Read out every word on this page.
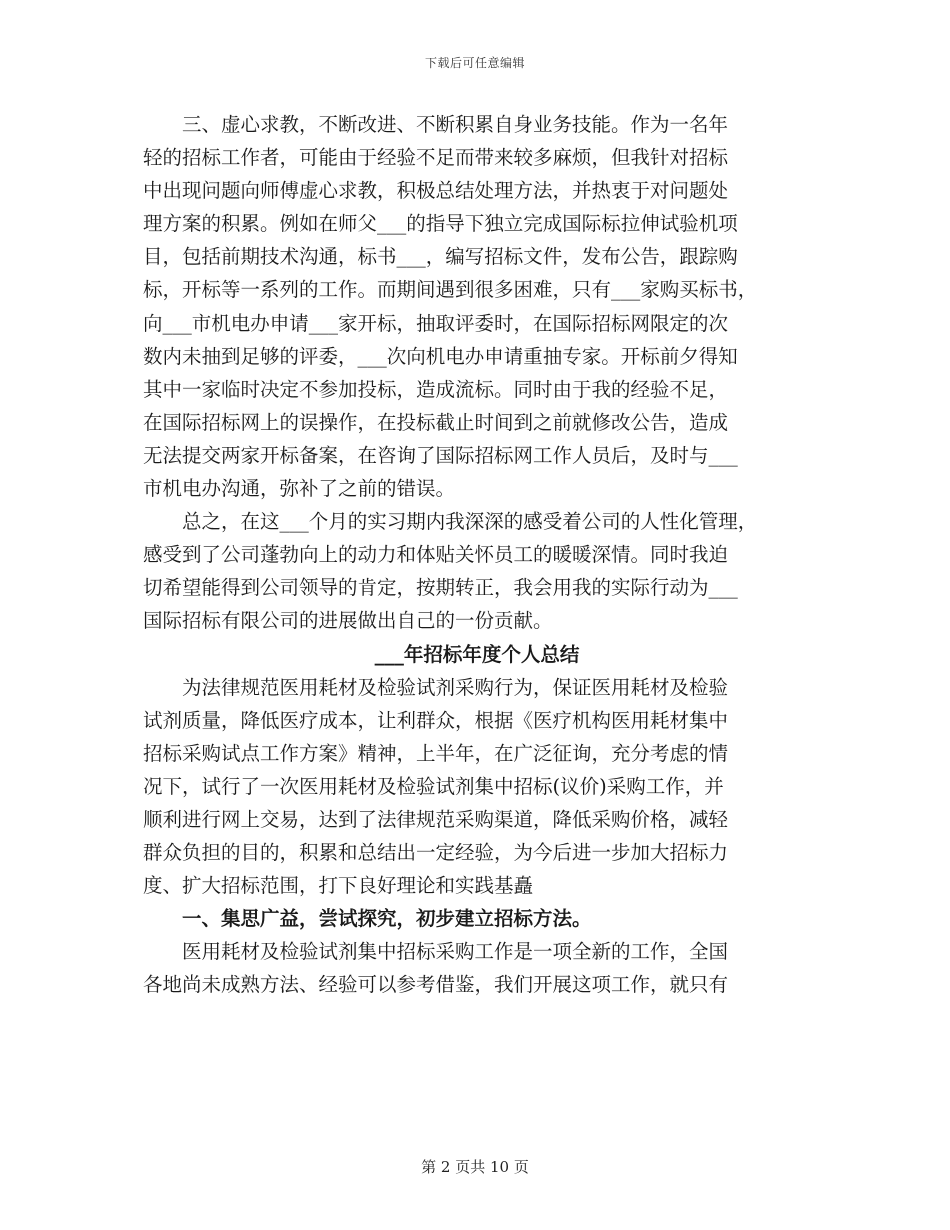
下载后可任意编辑
三、虚心求教，不断改进、不断积累自身业务技能。作为一名年
轻的招标工作者，可能由于经验不足而带来较多麻烦，但我针对招标
中出现问题向师傅虚心求教，积极总结处理方法，并热衷于对问题处
理方案的积累。例如在师父___的指导下独立完成国际标拉伸试验机项
目，包括前期技术沟通，标书___，编写招标文件，发布公告，跟踪购
标，开标等一系列的工作。而期间遇到很多困难，只有___家购买标书，
向___市机电办申请___家开标，抽取评委时，在国际招标网限定的次
数内未抽到足够的评委，___次向机电办申请重抽专家。开标前夕得知
其中一家临时决定不参加投标，造成流标。同时由于我的经验不足，
在国际招标网上的误操作，在投标截止时间到之前就修改公告，造成
无法提交两家开标备案，在咨询了国际招标网工作人员后，及时与___
市机电办沟通，弥补了之前的错误。
总之，在这___个月的实习期内我深深的感受着公司的人性化管理，
感受到了公司蓬勃向上的动力和体贴关怀员工的暖暖深情。同时我迫
切希望能得到公司领导的肯定，按期转正，我会用我的实际行动为___
国际招标有限公司的进展做出自己的一份贡献。
___年招标年度个人总结
为法律规范医用耗材及检验试剂采购行为，保证医用耗材及检验
试剂质量，降低医疗成本，让利群众，根据《医疗机构医用耗材集中
招标采购试点工作方案》精神，上半年，在广泛征询，充分考虑的情
况下，试行了一次医用耗材及检验试剂集中招标(议价)采购工作，并
顺利进行网上交易，达到了法律规范采购渠道，降低采购价格，减轻
群众负担的目的，积累和总结出一定经验，为今后进一步加大招标力
度、扩大招标范围，打下良好理论和实践基矗
一、集思广益，尝试探究，初步建立招标方法。
医用耗材及检验试剂集中招标采购工作是一项全新的工作，全国
各地尚未成熟方法、经验可以参考借鉴，我们开展这项工作，就只有
第 2 页共 10 页
